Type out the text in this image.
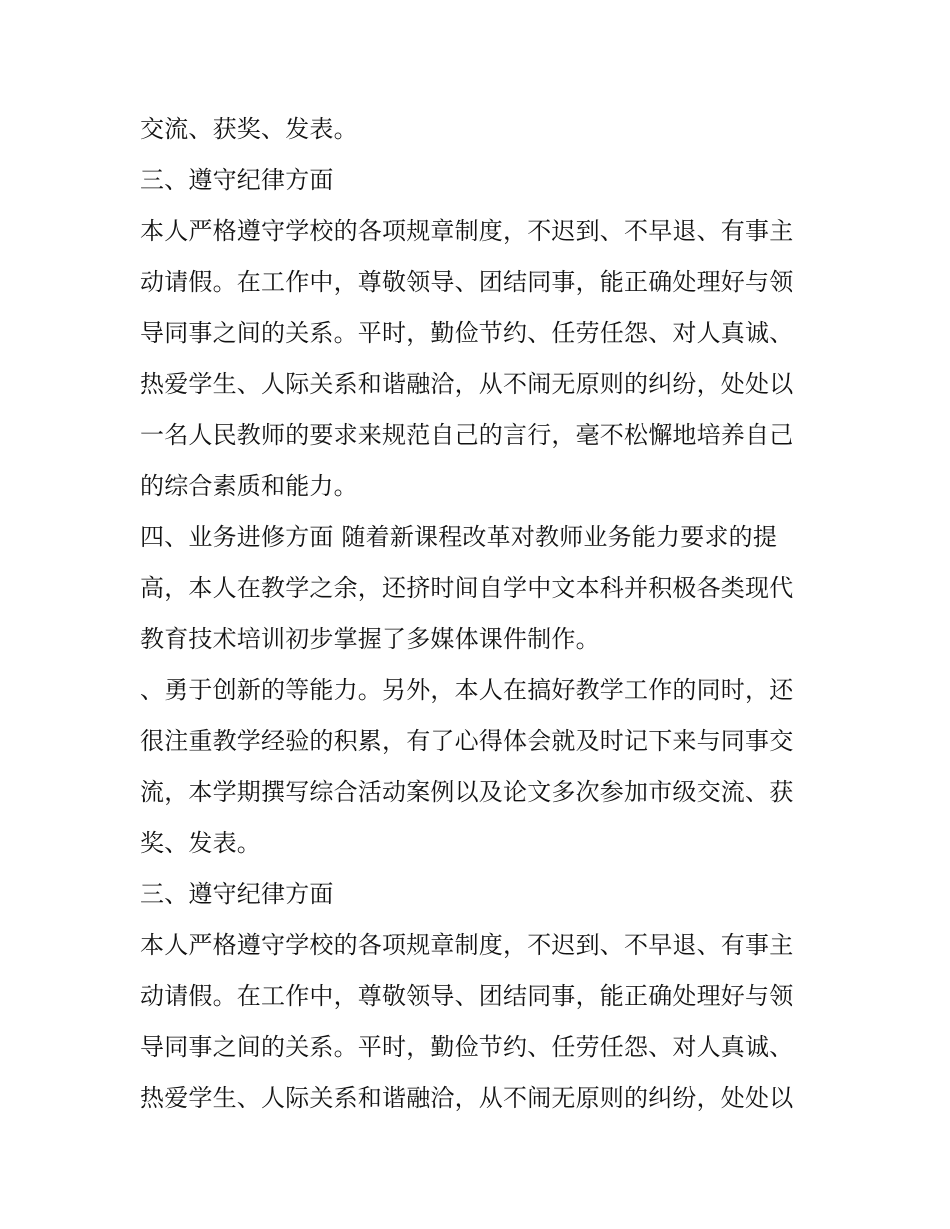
交流、获奖、发表。
三、遵守纪律方面
本人严格遵守学校的各项规章制度，不迟到、不早退、有事主
动请假。在工作中，尊敬领导、团结同事，能正确处理好与领
导同事之间的关系。平时，勤俭节约、任劳任怨、对人真诚、
热爱学生、人际关系和谐融洽，从不闹无原则的纠纷，处处以
一名人民教师的要求来规范自己的言行，毫不松懈地培养自己
的综合素质和能力。
四、业务进修方面 随着新课程改革对教师业务能力要求的提
高，本人在教学之余，还挤时间自学中文本科并积极各类现代
教育技术培训初步掌握了多媒体课件制作。
、勇于创新的等能力。另外，本人在搞好教学工作的同时，还
很注重教学经验的积累，有了心得体会就及时记下来与同事交
流，本学期撰写综合活动案例以及论文多次参加市级交流、获
奖、发表。
三、遵守纪律方面
本人严格遵守学校的各项规章制度，不迟到、不早退、有事主
动请假。在工作中，尊敬领导、团结同事，能正确处理好与领
导同事之间的关系。平时，勤俭节约、任劳任怨、对人真诚、
热爱学生、人际关系和谐融洽，从不闹无原则的纠纷，处处以
